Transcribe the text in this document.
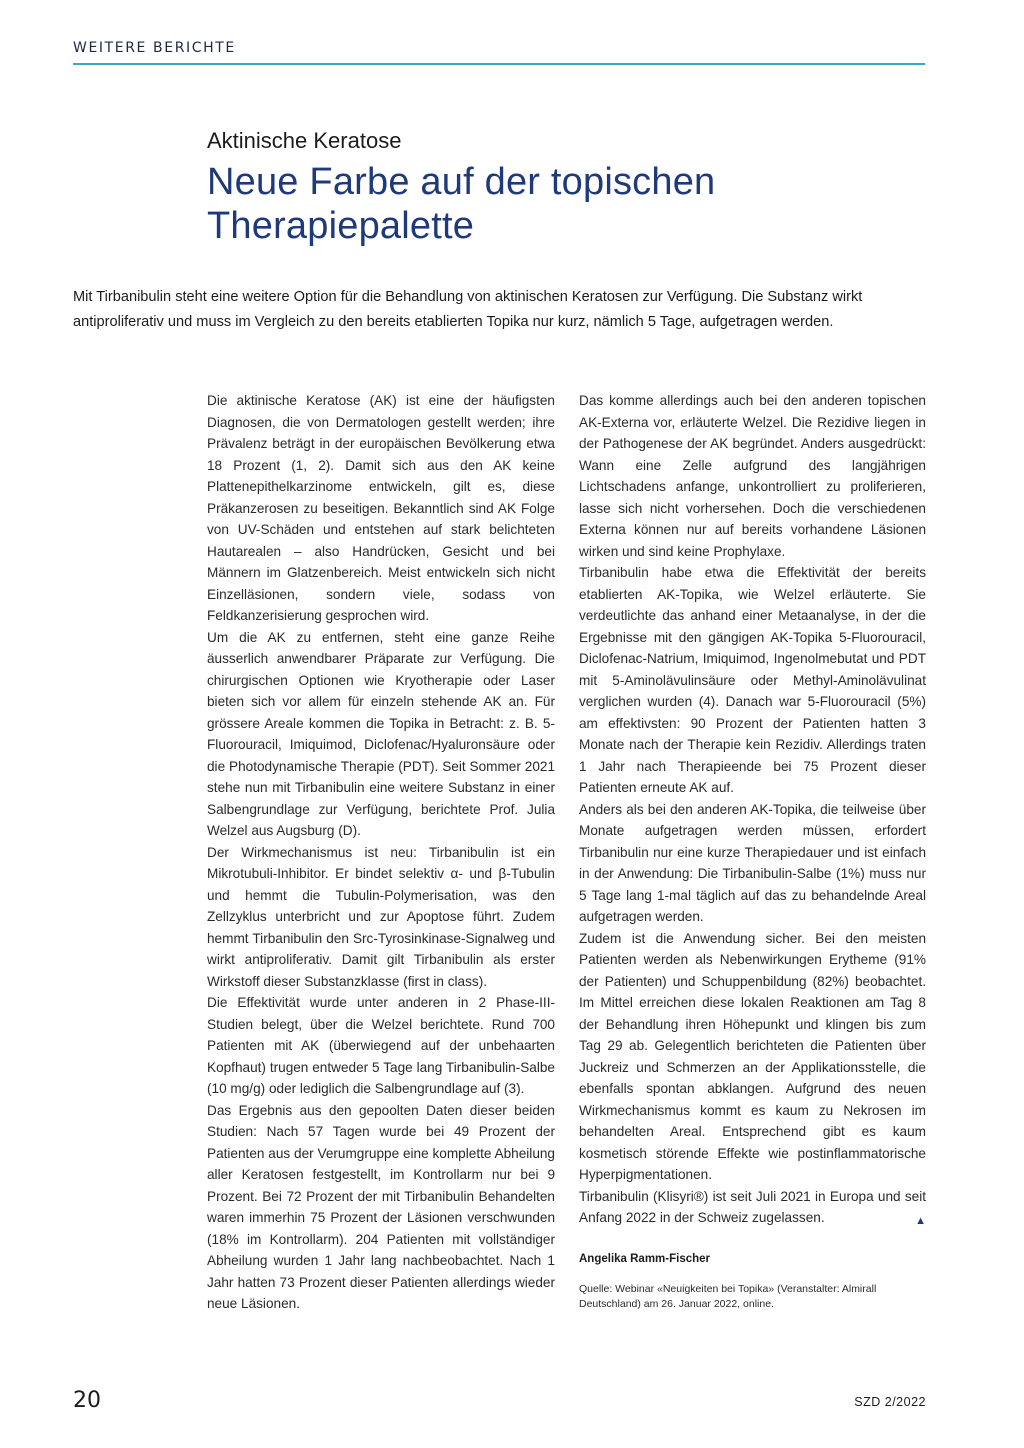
WEITERE BERICHTE
Aktinische Keratose
Neue Farbe auf der topischen Therapiepalette
Mit Tirbanibulin steht eine weitere Option für die Behandlung von aktinischen Keratosen zur Verfügung. Die Substanz wirkt antiproliferativ und muss im Vergleich zu den bereits etablierten Topika nur kurz, nämlich 5 Tage, aufgetragen werden.

Die aktinische Keratose (AK) ist eine der häufigsten Diagnosen, die von Dermatologen gestellt werden; ihre Prävalenz beträgt in der europäischen Bevölkerung etwa 18 Prozent (1, 2). Damit sich aus den AK keine Plattenepithelkarzinome entwickeln, gilt es, diese Präkanzerosen zu beseitigen. Bekanntlich sind AK Folge von UV-Schäden und entstehen auf stark belichteten Hautarealen – also Handrücken, Gesicht und bei Männern im Glatzenbereich. Meist entwickeln sich nicht Einzelläsionen, sondern viele, sodass von Feldkanzerisierung gesprochen wird.

Um die AK zu entfernen, steht eine ganze Reihe äusserlich anwendbarer Präparate zur Verfügung. Die chirurgischen Optionen wie Kryotherapie oder Laser bieten sich vor allem für einzeln stehende AK an. Für grössere Areale kommen die Topika in Betracht: z. B. 5-Fluorouracil, Imiquimod, Diclofenac/Hyaluronsäure oder die Photodynamische Therapie (PDT). Seit Sommer 2021 stehe nun mit Tirbanibulin eine weitere Substanz in einer Salbengrundlage zur Verfügung, berichtete Prof. Julia Welzel aus Augsburg (D).

Der Wirkmechanismus ist neu: Tirbanibulin ist ein Mikrotubuli-Inhibitor. Er bindet selektiv α- und β-Tubulin und hemmt die Tubulin-Polymerisation, was den Zellzyklus unterbricht und zur Apoptose führt. Zudem hemmt Tirbanibulin den Src-Tyrosinkinase-Signalweg und wirkt antiproliferativ. Damit gilt Tirbanibulin als erster Wirkstoff dieser Substanzklasse (first in class).

Die Effektivität wurde unter anderen in 2 Phase-III-Studien belegt, über die Welzel berichtete. Rund 700 Patienten mit AK (überwiegend auf der unbehaarten Kopfhaut) trugen entweder 5 Tage lang Tirbanibulin-Salbe (10 mg/g) oder lediglich die Salbengrundlage auf (3).

Das Ergebnis aus den gepoolten Daten dieser beiden Studien: Nach 57 Tagen wurde bei 49 Prozent der Patienten aus der Verumgruppe eine komplette Abheilung aller Keratosen festgestellt, im Kontrollarm nur bei 9 Prozent. Bei 72 Prozent der mit Tirbanibulin Behandelten waren immerhin 75 Prozent der Läsionen verschwunden (18% im Kontrollarm). 204 Patienten mit vollständiger Abheilung wurden 1 Jahr lang nachbeobachtet. Nach 1 Jahr hatten 73 Prozent dieser Patienten allerdings wieder neue Läsionen.

Das komme allerdings auch bei den anderen topischen AK-Externa vor, erläuterte Welzel. Die Rezidive liegen in der Pathogenese der AK begründet. Anders ausgedrückt: Wann eine Zelle aufgrund des langjährigen Lichtschadens anfange, unkontrolliert zu proliferieren, lasse sich nicht vorhersehen. Doch die verschiedenen Externa können nur auf bereits vorhandene Läsionen wirken und sind keine Prophylaxe.

Tirbanibulin habe etwa die Effektivität der bereits etablierten AK-Topika, wie Welzel erläuterte. Sie verdeutlichte das anhand einer Metaanalyse, in der die Ergebnisse mit den gängigen AK-Topika 5-Fluorouracil, Diclofenac-Natrium, Imiquimod, Ingenolmebutat und PDT mit 5-Aminolävulinsäure oder Methyl-Aminolävulinat verglichen wurden (4). Danach war 5-Fluorouracil (5%) am effektivsten: 90 Prozent der Patienten hatten 3 Monate nach der Therapie kein Rezidiv. Allerdings traten 1 Jahr nach Therapieende bei 75 Prozent dieser Patienten erneute AK auf.

Anders als bei den anderen AK-Topika, die teilweise über Monate aufgetragen werden müssen, erfordert Tirbanibulin nur eine kurze Therapiedauer und ist einfach in der Anwendung: Die Tirbanibulin-Salbe (1%) muss nur 5 Tage lang 1-mal täglich auf das zu behandelnde Areal aufgetragen werden.

Zudem ist die Anwendung sicher. Bei den meisten Patienten werden als Nebenwirkungen Erytheme (91% der Patienten) und Schuppenbildung (82%) beobachtet. Im Mittel erreichen diese lokalen Reaktionen am Tag 8 der Behandlung ihren Höhepunkt und klingen bis zum Tag 29 ab. Gelegentlich berichteten die Patienten über Juckreiz und Schmerzen an der Applikationsstelle, die ebenfalls spontan abklangen. Aufgrund des neuen Wirkmechanismus kommt es kaum zu Nekrosen im behandelten Areal. Entsprechend gibt es kaum kosmetisch störende Effekte wie postinflammatorische Hyperpigmentationen.

Tirbanibulin (Klisyri®) ist seit Juli 2021 in Europa und seit Anfang 2022 in der Schweiz zugelassen.	▲

Angelika Ramm-Fischer

Quelle: Webinar «Neuigkeiten bei Topika» (Veranstalter: Almirall Deutschland) am 26. Januar 2022, online.

20	SZD 2/2022
